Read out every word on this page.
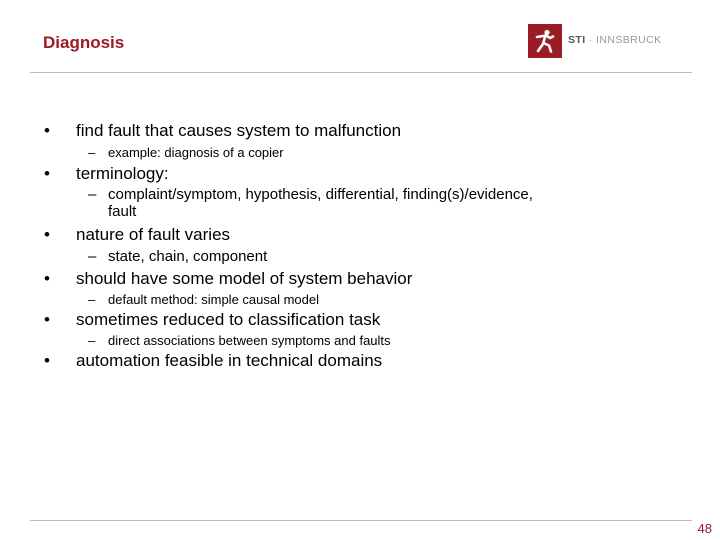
Diagnosis	STI · INNSBRUCK
• find fault that causes system to malfunction
– example: diagnosis of a copier
• terminology:
– complaint/symptom, hypothesis, differential, finding(s)/evidence,
fault
• nature of fault varies
– state, chain, component
• should have some model of system behavior
– default method: simple causal model
• sometimes reduced to classification task
– direct associations between symptoms and faults
• automation feasible in technical domains
48
